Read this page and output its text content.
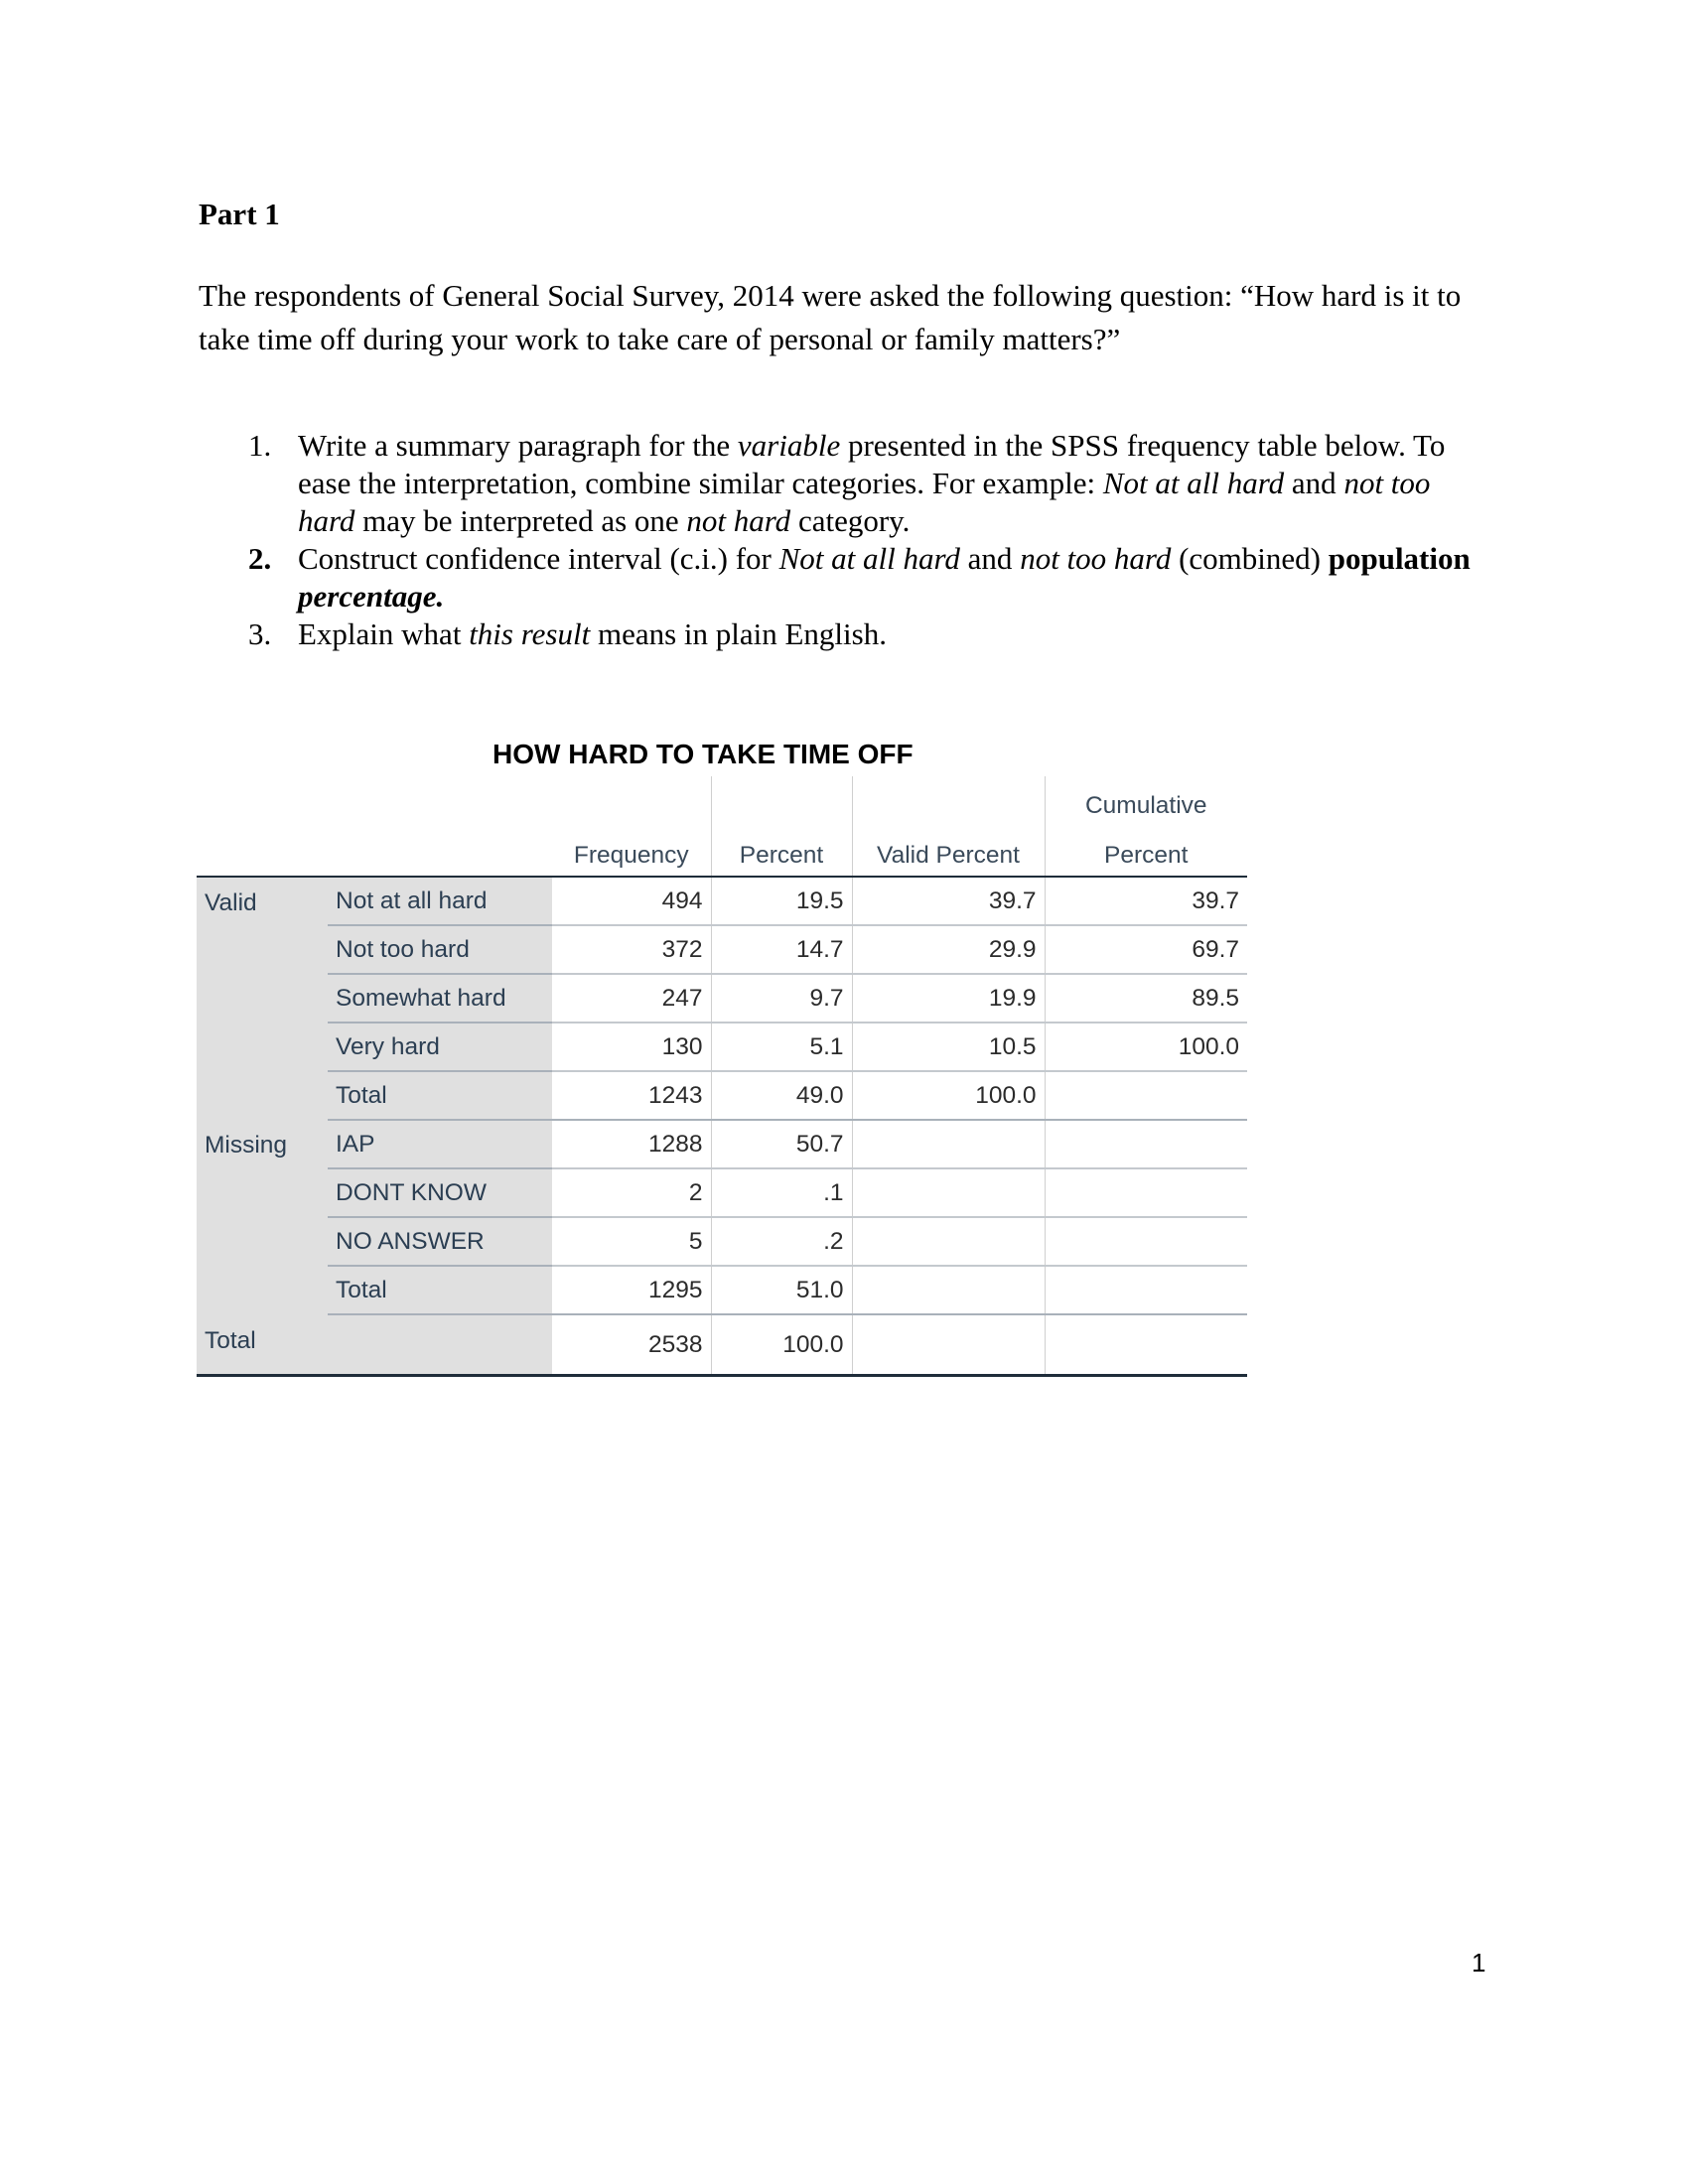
Part 1

The respondents of General Social Survey, 2014 were asked the following question: “How hard is it to take time off during your work to take care of personal or family matters?”

1. Write a summary paragraph for the variable presented in the SPSS frequency table below. To ease the interpretation, combine similar categories. For example: Not at all hard and not too hard may be interpreted as one not hard category.
2. Construct confidence interval (c.i.) for Not at all hard and not too hard (combined) population percentage.
3. Explain what this result means in plain English.
HOW HARD TO TAKE TIME OFF
					Cumulative
		Frequency	Percent	Valid Percent	Percent
Valid	Not at all hard	494	19.5	39.7	39.7
	Not too hard	372	14.7	29.9	69.7
	Somewhat hard	247	9.7	19.9	89.5
	Very hard	130	5.1	10.5	100.0
	Total	1243	49.0	100.0	
Missing	IAP	1288	50.7		
	DONT KNOW	2	.1		
	NO ANSWER	5	.2		
	Total	1295	51.0		
Total		2538	100.0		
1
